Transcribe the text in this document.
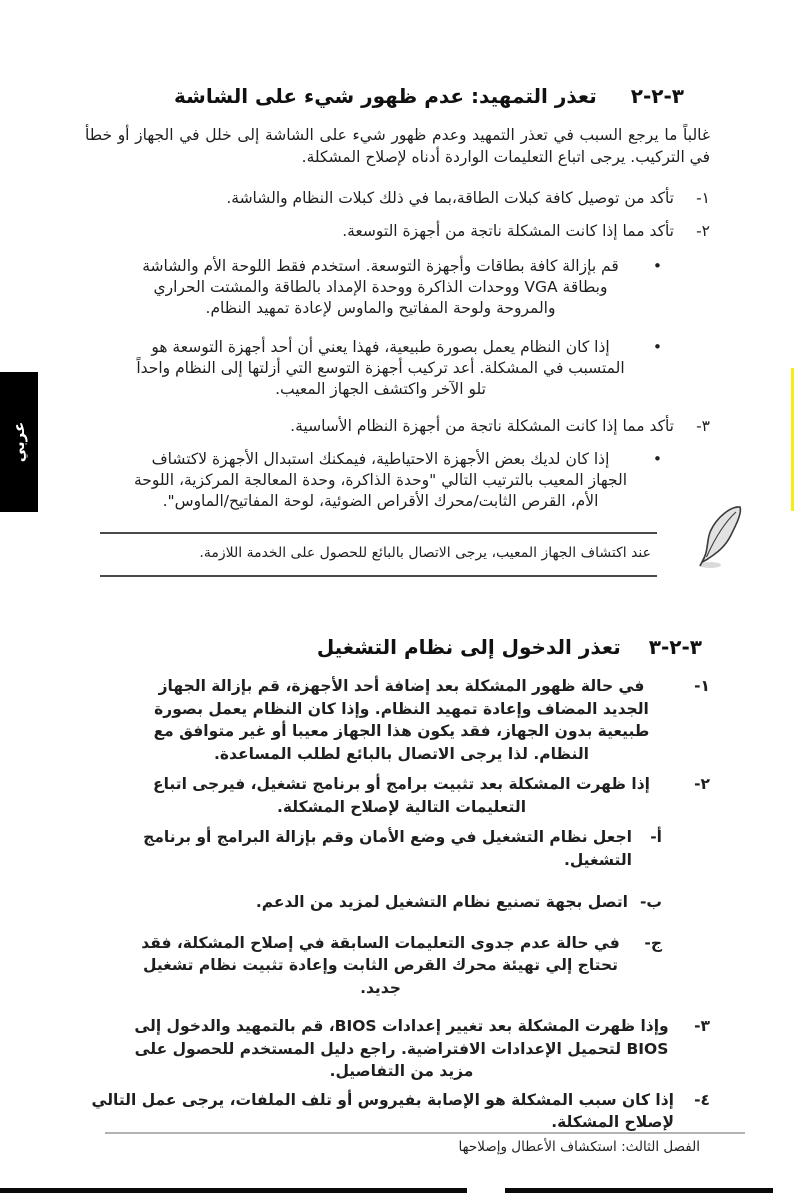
٣-٢-٢
تعذر التمهيد: عدم ظهور شيء على الشاشة
غالباً ما يرجع السبب في تعذر التمهيد وعدم ظهور شيء على الشاشة إلى خلل في الجهاز أو خطأ في التركيب. يرجى اتباع التعليمات الواردة أدناه لإصلاح المشكلة.
١-
تأكد من توصيل كافة كبلات الطاقة،بما في ذلك كبلات النظام والشاشة.
٢-
تأكد مما إذا كانت المشكلة ناتجة من أجهزة التوسعة.
•
قم بإزالة كافة بطاقات وأجهزة التوسعة. استخدم فقط اللوحة الأم والشاشة وبطاقة VGA ووحدات الذاكرة ووحدة الإمداد بالطاقة والمشتت الحراري والمروحة ولوحة المفاتيح والماوس لإعادة تمهيد النظام.
•
إذا كان النظام يعمل بصورة طبيعية، فهذا يعني أن أحد أجهزة التوسعة هو المتسبب في المشكلة. أعد تركيب أجهزة التوسع التي أزلتها إلى النظام واحداً تلو الآخر واكتشف الجهاز المعيب.
٣-
تأكد مما إذا كانت المشكلة ناتجة من أجهزة النظام الأساسية.
•
إذا كان لديك بعض الأجهزة الاحتياطية، فيمكنك استبدال الأجهزة لاكتشاف الجهاز المعيب بالترتيب التالي "وحدة الذاكرة، وحدة المعالجة المركزية، اللوحة الأم، القرص الثابت/محرك الأقراص الضوئية، لوحة المفاتيح/الماوس".
عند اكتشاف الجهاز المعيب، يرجى الاتصال بالبائع للحصول على الخدمة اللازمة.
٣-٢-٣
تعذر الدخول إلى نظام التشغيل
١-
في حالة ظهور المشكلة بعد إضافة أحد الأجهزة، قم بإزالة الجهاز الجديد المضاف وإعادة تمهيد النظام. وإذا كان النظام يعمل بصورة طبيعية بدون الجهاز، فقد يكون هذا الجهاز معيبا أو غير متوافق مع النظام. لذا يرجى الاتصال بالبائع لطلب المساعدة.
٢-
إذا ظهرت المشكلة بعد تثبيت برامج أو برنامج تشغيل، فيرجى اتباع التعليمات التالية لإصلاح المشكلة.
أ-
اجعل نظام التشغيل في وضع الأمان وقم بإزالة البرامج أو برنامج التشغيل.
ب-
اتصل بجهة تصنيع نظام التشغيل لمزيد من الدعم.
ج-
في حالة عدم جدوى التعليمات السابقة في إصلاح المشكلة، فقد تحتاج إلي تهيئة محرك القرص الثابت وإعادة تثبيت نظام تشغيل جديد.
٣-
وإذا ظهرت المشكلة بعد تغيير إعدادات BIOS، قم بالتمهيد والدخول إلى BIOS لتحميل الإعدادات الافتراضية. راجع دليل المستخدم للحصول على مزيد من التفاصيل.
٤-
إذا كان سبب المشكلة هو الإصابة بفيروس أو تلف الملفات، يرجى عمل التالي لإصلاح المشكلة.
عربي
الفصل الثالث: استكشاف الأعطال وإصلاحها
